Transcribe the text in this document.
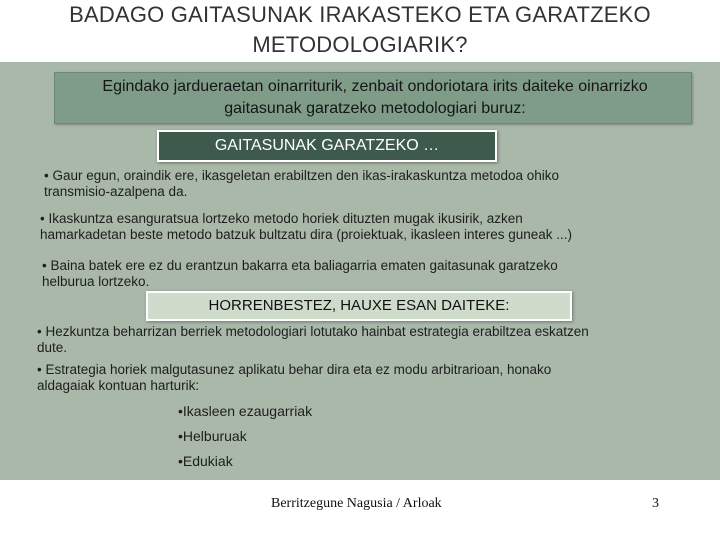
BADAGO GAITASUNAK IRAKASTEKO ETA GARATZEKO
METODOLOGIARIK?
Egindako jardueraetan oinarriturik, zenbait ondoriotara irits daiteke oinarrizko
gaitasunak garatzeko metodologiari buruz:
GAITASUNAK GARATZEKO …
• Gaur egun, oraindik ere, ikasgeletan erabiltzen den ikas-irakaskuntza metodoa ohiko
transmisio-azalpena da.
• Ikaskuntza esanguratsua lortzeko metodo horiek dituzten mugak ikusirik, azken
hamarkadetan beste metodo batzuk bultzatu dira (proiektuak, ikasleen interes guneak ...)
• Baina batek ere ez du erantzun bakarra eta baliagarria ematen gaitasunak garatzeko
helburua lortzeko.
HORRENBESTEZ, HAUXE ESAN DAITEKE:
• Hezkuntza beharrizan berriek metodologiari lotutako hainbat estrategia erabiltzea eskatzen
dute.
• Estrategia horiek malgutasunez aplikatu behar dira eta ez modu arbitrarioan, honako
aldagaiak kontuan harturik:
•Ikasleen ezaugarriak
•Helburuak
•Edukiak
Berritzegune Nagusia / Arloak	3
